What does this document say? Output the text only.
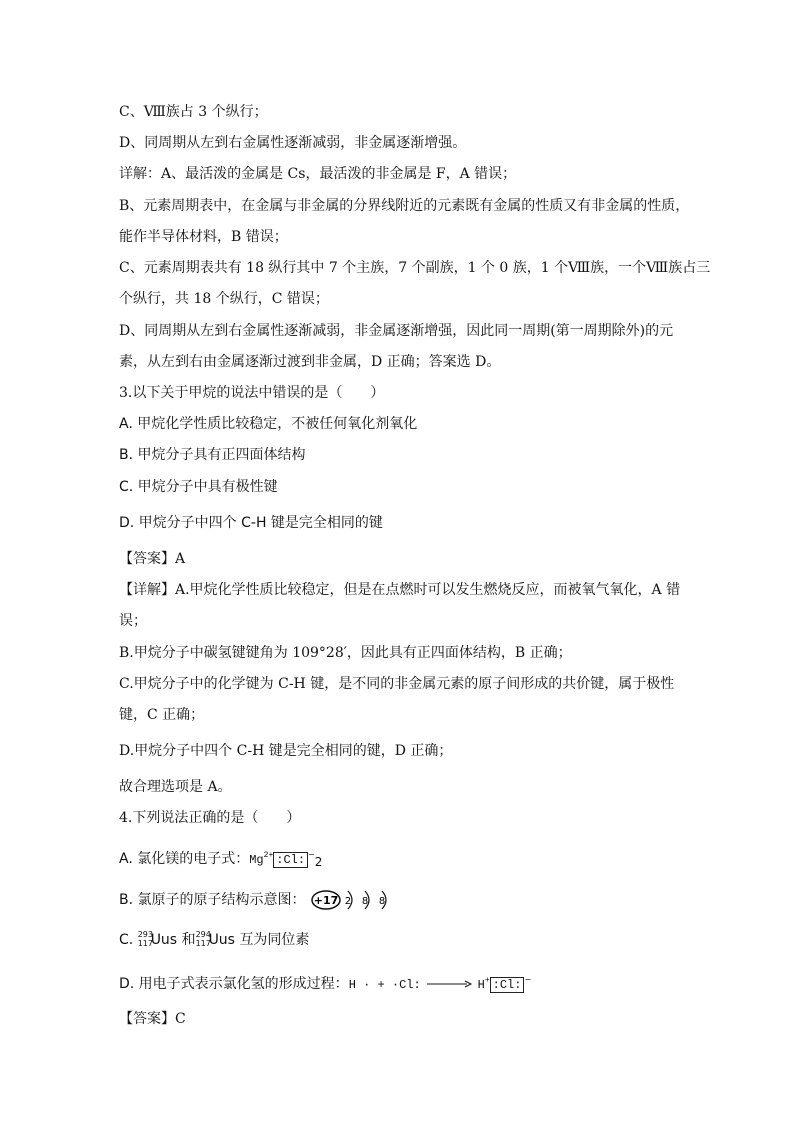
C、Ⅷ族占 3 个纵行；
D、同周期从左到右金属性逐渐减弱，非金属逐渐增强。
详解：A、最活泼的金属是 Cs，最活泼的非金属是 F，A 错误；
B、元素周期表中，在金属与非金属的分界线附近的元素既有金属的性质又有非金属的性质，
能作半导体材料，B 错误；
C、元素周期表共有 18 纵行其中 7 个主族，7 个副族，1 个 0 族，1 个Ⅷ族，一个Ⅷ族占三
个纵行，共 18 个纵行，C 错误；
D、同周期从左到右金属性逐渐减弱，非金属逐渐增强，因此同一周期(第一周期除外)的元
素，从左到右由金属逐渐过渡到非金属，D 正确；答案选 D。
3.以下关于甲烷的说法中错误的是（　　）
A. 甲烷化学性质比较稳定，不被任何氧化剂氧化
B. 甲烷分子具有正四面体结构
C. 甲烷分子中具有极性键
D. 甲烷分子中四个 C-H 键是完全相同的键
【答案】A
【详解】A.甲烷化学性质比较稳定，但是在点燃时可以发生燃烧反应，而被氧气氧化，A 错
误；
B.甲烷分子中碳氢键键角为 109°28′，因此具有正四面体结构，B 正确；
C.甲烷分子中的化学键为 C-H 键，是不同的非金属元素的原子间形成的共价键，属于极性
键，C 正确；
D.甲烷分子中四个 C-H 键是完全相同的键，D 正确；
故合理选项是 A。
4.下列说法正确的是（　　）
A. 氯化镁的电子式：$Mg^{2+}$ :Cl: −2
B. 氯原子的原子结构示意图： +17 2 8 8
C. 293
117
Uus 和 294
117
Uus 互为同位素
D. 用电子式表示氯化氢的形成过程：H · + ·Cl: → H+ :Cl: −
【答案】C
